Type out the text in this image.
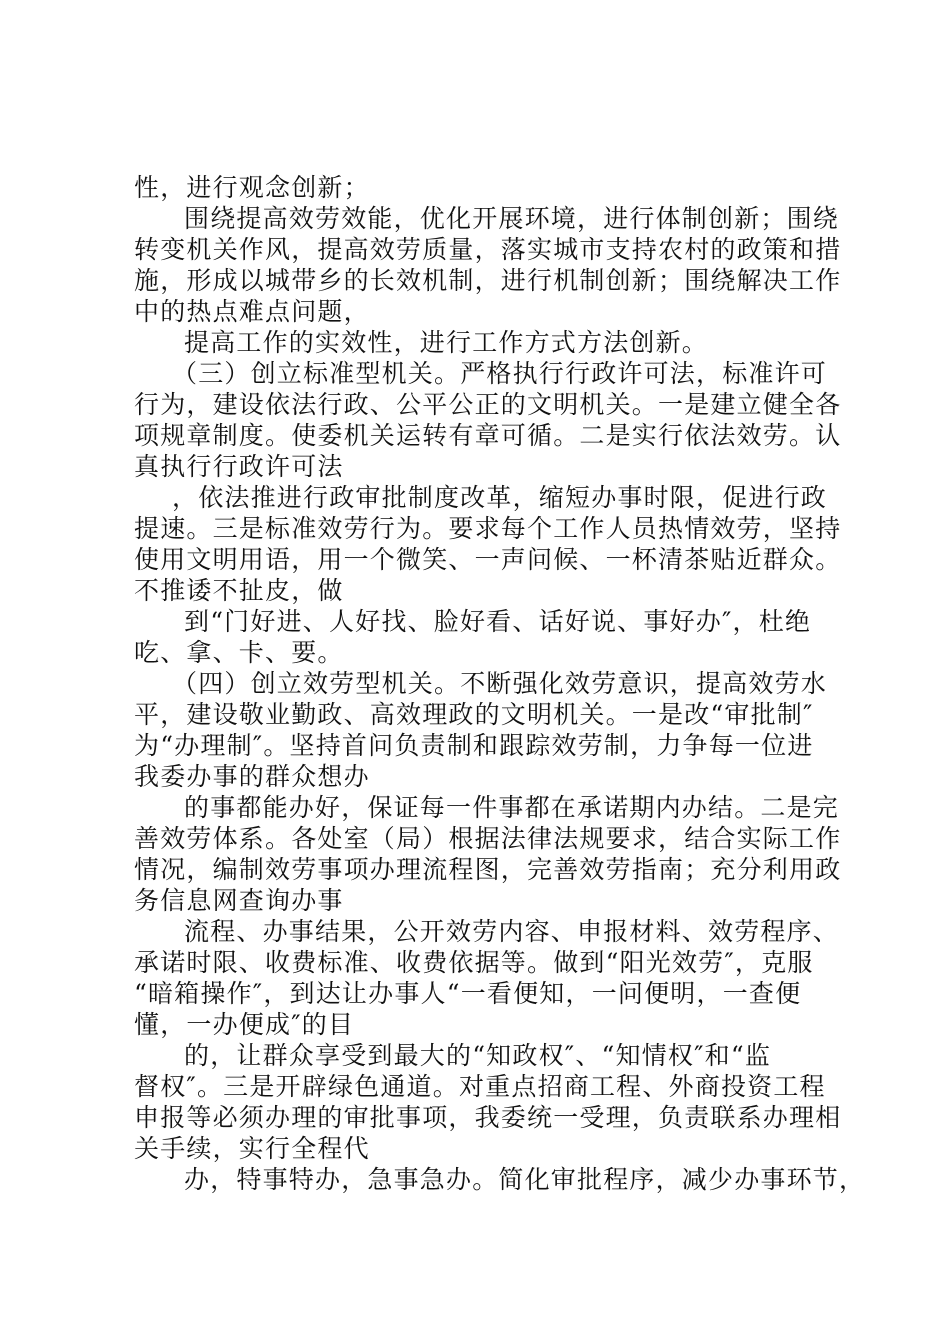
性，进行观念创新；
围绕提高效劳效能，优化开展环境，进行体制创新；围绕
转变机关作风，提高效劳质量，落实城市支持农村的政策和措
施，形成以城带乡的长效机制，进行机制创新；围绕解决工作
中的热点难点问题，
提高工作的实效性，进行工作方式方法创新。
（三）创立标准型机关。严格执行行政许可法，标准许可
行为，建设依法行政、公平公正的文明机关。一是建立健全各
项规章制度。使委机关运转有章可循。二是实行依法效劳。认
真执行行政许可法
，依法推进行政审批制度改革，缩短办事时限，促进行政
提速。三是标准效劳行为。要求每个工作人员热情效劳，坚持
使用文明用语，用一个微笑、一声问候、一杯清茶贴近群众。
不推诿不扯皮，做
到“门好进、人好找、脸好看、话好说、事好办″，杜绝
吃、拿、卡、要。
（四）创立效劳型机关。不断强化效劳意识，提高效劳水
平，建设敬业勤政、高效理政的文明机关。一是改“审批制″
为“办理制″。坚持首问负责制和跟踪效劳制，力争每一位进
我委办事的群众想办
的事都能办好，保证每一件事都在承诺期内办结。二是完
善效劳体系。各处室（局）根据法律法规要求，结合实际工作
情况，编制效劳事项办理流程图，完善效劳指南；充分利用政
务信息网查询办事
流程、办事结果，公开效劳内容、申报材料、效劳程序、
承诺时限、收费标准、收费依据等。做到“阳光效劳″，克服
“暗箱操作″，到达让办事人“一看便知，一问便明，一查便
懂，一办便成″的目
的，让群众享受到最大的“知政权″、“知情权″和“监
督权″。三是开辟绿色通道。对重点招商工程、外商投资工程
申报等必须办理的审批事项，我委统一受理，负责联系办理相
关手续，实行全程代
办，特事特办，急事急办。简化审批程序，减少办事环节，
